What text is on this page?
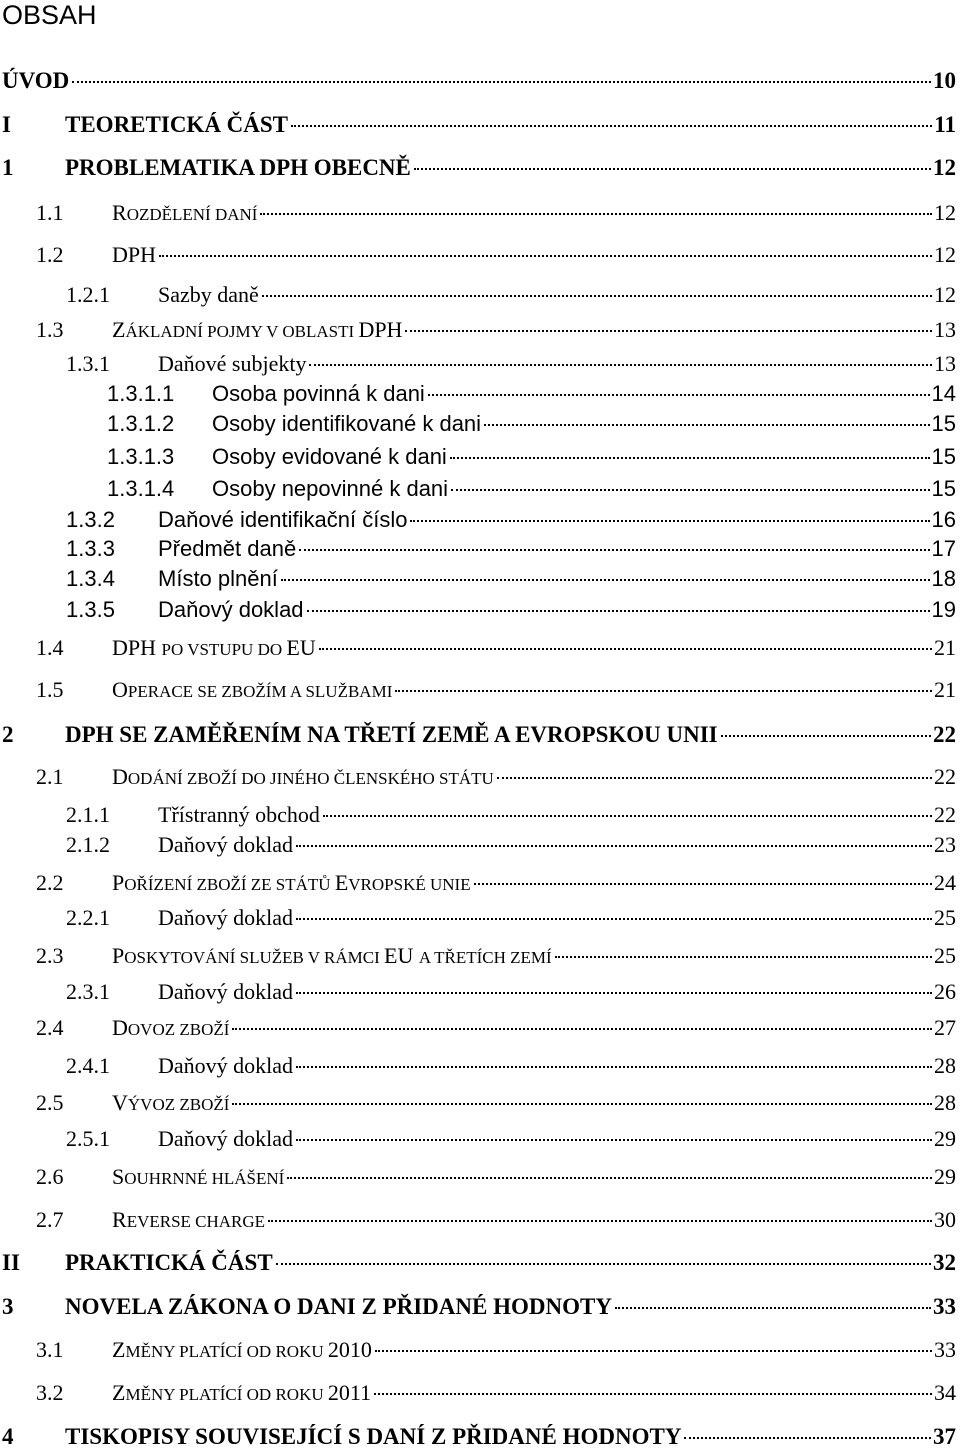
OBSAH
ÚVOD	10
I	TEORETICKÁ ČÁST	11
1	PROBLEMATIKA DPH OBECNĚ	12
1.1	ROZDĚLENÍ DANÍ	12
1.2	DPH	12
1.2.1	Sazby daně	12
1.3	ZÁKLADNÍ POJMY V OBLASTI DPH	13
1.3.1	Daňové subjekty	13
1.3.1.1	Osoba povinná k dani	14
1.3.1.2	Osoby identifikované k dani	15
1.3.1.3	Osoby evidované k dani	15
1.3.1.4	Osoby nepovinné k dani	15
1.3.2	Daňové identifikační číslo	16
1.3.3	Předmět daně	17
1.3.4	Místo plnění	18
1.3.5	Daňový doklad	19
1.4	DPH PO VSTUPU DO EU	21
1.5	OPERACE SE ZBOŽÍM A SLUŽBAMI	21
2	DPH SE ZAMĚŘENÍM NA TŘETÍ ZEMĚ A EVROPSKOU UNII	22
2.1	DODÁNÍ ZBOŽÍ DO JINÉHO ČLENSKÉHO STÁTU	22
2.1.1	Třístranný obchod	22
2.1.2	Daňový doklad	23
2.2	POŘÍZENÍ ZBOŽÍ ZE STÁTŮ EVROPSKÉ UNIE	24
2.2.1	Daňový doklad	25
2.3	POSKYTOVÁNÍ SLUŽEB V RÁMCI EU A TŘETÍCH ZEMÍ	25
2.3.1	Daňový doklad	26
2.4	DOVOZ ZBOŽÍ	27
2.4.1	Daňový doklad	28
2.5	VÝVOZ ZBOŽÍ	28
2.5.1	Daňový doklad	29
2.6	SOUHRNNÉ HLÁŠENÍ	29
2.7	REVERSE CHARGE	30
II	PRAKTICKÁ ČÁST	32
3	NOVELA ZÁKONA O DANI Z PŘIDANÉ HODNOTY	33
3.1	ZMĚNY PLATÍCÍ OD ROKU 2010	33
3.2	ZMĚNY PLATÍCÍ OD ROKU 2011	34
4	TISKOPISY SOUVISEJÍCÍ S DANÍ Z PŘIDANÉ HODNOTY	37
